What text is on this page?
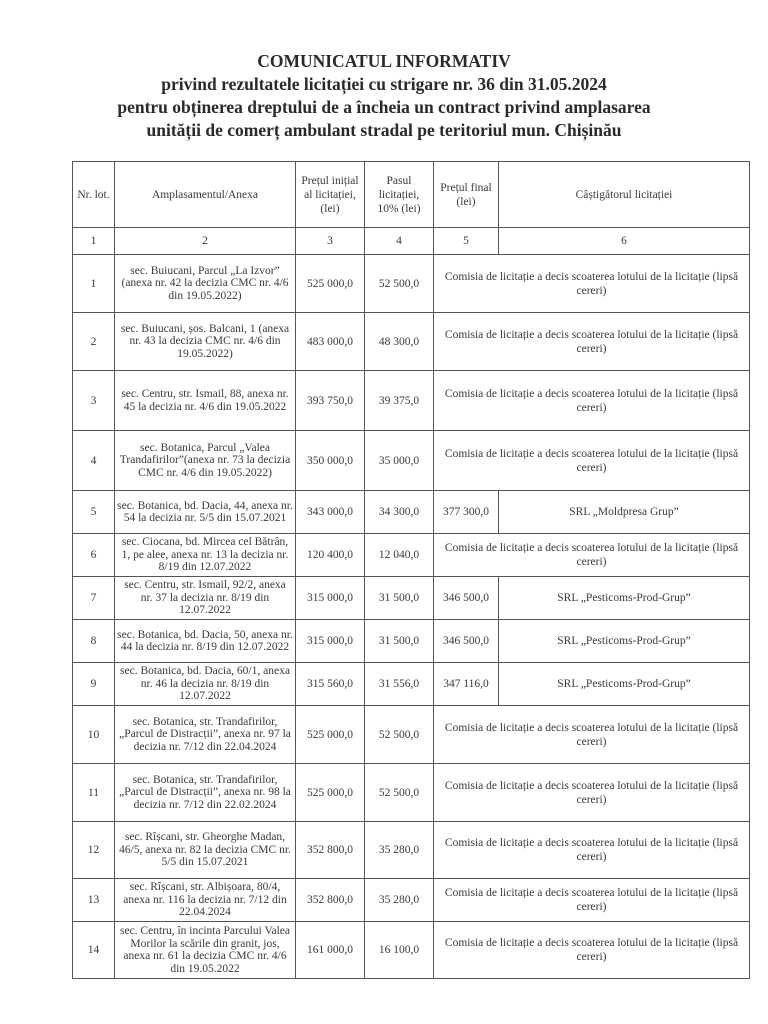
COMUNICATUL INFORMATIV
privind rezultatele licitației cu strigare nr. 36 din 31.05.2024
pentru obținerea dreptului de a încheia un contract privind amplasarea
unității de comerț ambulant stradal pe teritoriul mun. Chișinău
Nr. lot.	Amplasamentul/Anexa	Prețul inițial al licitației, (lei)	Pasul licitației, 10% (lei)	Prețul final (lei)	Câștigătorul licitației
1	2	3	4	5	6
1	sec. Buiucani, Parcul „La Izvor” (anexa nr. 42 la decizia CMC nr. 4/6 din 19.05.2022)	525 000,0	52 500,0	Comisia de licitație a decis scoaterea lotului de la licitație (lipsă cereri)	
2	sec. Buiucani, șos. Balcani, 1 (anexa nr. 43 la decizia CMC nr. 4/6 din 19.05.2022)	483 000,0	48 300,0	Comisia de licitație a decis scoaterea lotului de la licitație (lipsă cereri)	
3	sec. Centru, str. Ismail, 88, anexa nr. 45 la decizia nr. 4/6 din 19.05.2022	393 750,0	39 375,0	Comisia de licitație a decis scoaterea lotului de la licitație (lipsă cereri)	
4	sec. Botanica, Parcul „Valea Trandafirilor”(anexa nr. 73 la decizia CMC nr. 4/6 din 19.05.2022)	350 000,0	35 000,0	Comisia de licitație a decis scoaterea lotului de la licitație (lipsă cereri)	
5	sec. Botanica, bd. Dacia, 44, anexa nr. 54 la decizia nr. 5/5 din 15.07.2021	343 000,0	34 300,0	377 300,0	SRL „Moldpresa Grup”
6	sec. Ciocana, bd. Mircea cel Bătrân, 1, pe alee, anexa nr. 13 la decizia nr. 8/19 din 12.07.2022	120 400,0	12 040,0	Comisia de licitație a decis scoaterea lotului de la licitație (lipsă cereri)	
7	sec. Centru, str. Ismail, 92/2, anexa nr. 37 la decizia nr. 8/19 din 12.07.2022	315 000,0	31 500,0	346 500,0	SRL „Pesticoms-Prod-Grup”
8	sec. Botanica, bd. Dacia, 50, anexa nr. 44 la decizia nr. 8/19 din 12.07.2022	315 000,0	31 500,0	346 500,0	SRL „Pesticoms-Prod-Grup”
9	sec. Botanica, bd. Dacia, 60/1, anexa nr. 46 la decizia nr. 8/19 din 12.07.2022	315 560,0	31 556,0	347 116,0	SRL „Pesticoms-Prod-Grup”
10	sec. Botanica, str. Trandafirilor, „Parcul de Distracții”, anexa nr. 97 la decizia nr. 7/12 din 22.04.2024	525 000,0	52 500,0	Comisia de licitație a decis scoaterea lotului de la licitație (lipsă cereri)	
11	sec. Botanica, str. Trandafirilor, „Parcul de Distracții”, anexa nr. 98 la decizia nr. 7/12 din 22.02.2024	525 000,0	52 500,0	Comisia de licitație a decis scoaterea lotului de la licitație (lipsă cereri)	
12	sec. Rîșcani, str. Gheorghe Madan, 46/5, anexa nr. 82 la decizia CMC nr. 5/5 din 15.07.2021	352 800,0	35 280,0	Comisia de licitație a decis scoaterea lotului de la licitație (lipsă cereri)	
13	sec. Rîșcani, str. Albișoara, 80/4, anexa nr. 116 la decizia nr. 7/12 din 22.04.2024	352 800,0	35 280,0	Comisia de licitație a decis scoaterea lotului de la licitație (lipsă cereri)	
14	sec. Centru, în incinta Parcului Valea Morilor la scările din granit, jos, anexa nr. 61 la decizia CMC nr. 4/6 din 19.05.2022	161 000,0	16 100,0	Comisia de licitație a decis scoaterea lotului de la licitație (lipsă cereri)	
